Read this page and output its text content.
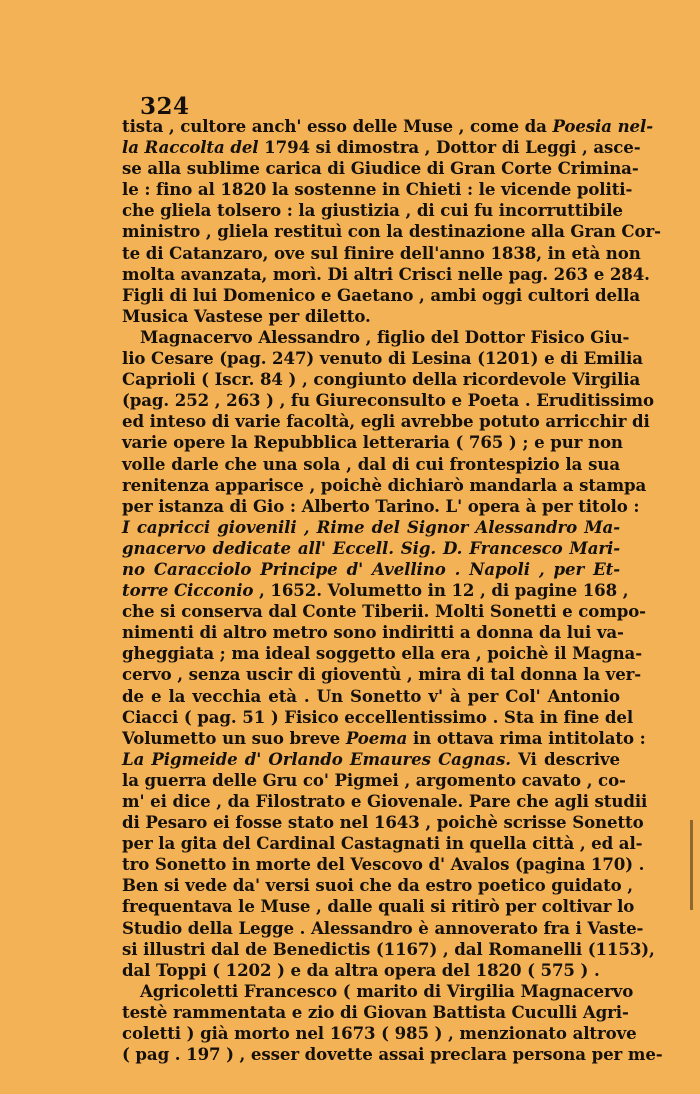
324
tista , cultore anch' esso delle Muse , come da Poesia nel-
la Raccolta del 1794 si dimostra , Dottor di Leggi , asce-
se alla sublime carica di Giudice di Gran Corte Crimina-
le : fino al 1820 la sostenne in Chieti : le vicende politi-
che gliela tolsero : la giustizia , di cui fu incorruttibile
ministro , gliela restituì con la destinazione alla Gran Cor-
te di Catanzaro, ove sul finire dell'anno 1838, in età non
molta avanzata, morì. Di altri Crisci nelle pag. 263 e 284.
Figli di lui Domenico e Gaetano , ambi oggi cultori della
Musica Vastese per diletto.
Magnacervo Alessandro , figlio del Dottor Fisico Giu-
lio Cesare (pag. 247) venuto di Lesina (1201) e di Emilia
Caprioli ( Iscr. 84 ) , congiunto della ricordevole Virgilia
(pag. 252 , 263 ) , fu Giureconsulto e Poeta . Eruditissimo
ed inteso di varie facoltà, egli avrebbe potuto arricchir di
varie opere la Repubblica letteraria ( 765 ) ; e pur non
volle darle che una sola , dal di cui frontespizio la sua
renitenza apparisce , poichè dichiarò mandarla a stampa
per istanza di Gio : Alberto Tarino. L' opera à per titolo :
I capricci giovenili , Rime del Signor Alessandro Ma-
gnacervo dedicate all' Eccell. Sig. D. Francesco Mari-
no Caracciolo Principe d' Avellino . Napoli , per Et-
torre Cicconio , 1652. Volumetto in 12 , di pagine 168 ,
che si conserva dal Conte Tiberii. Molti Sonetti e compo-
nimenti di altro metro sono indiritti a donna da lui va-
gheggiata ; ma ideal soggetto ella era , poichè il Magna-
cervo , senza uscir di gioventù , mira di tal donna la ver-
de e la vecchia età . Un Sonetto v' à per Col' Antonio
Ciacci ( pag. 51 ) Fisico eccellentissimo . Sta in fine del
Volumetto un suo breve Poema in ottava rima intitolato :
La Pigmeide d' Orlando Emaures Cagnas. Vi descrive
la guerra delle Gru co' Pigmei , argomento cavato , co-
m' ei dice , da Filostrato e Giovenale. Pare che agli studii
di Pesaro ei fosse stato nel 1643 , poichè scrisse Sonetto
per la gita del Cardinal Castagnati in quella città , ed al-
tro Sonetto in morte del Vescovo d' Avalos (pagina 170) .
Ben si vede da' versi suoi che da estro poetico guidato ,
frequentava le Muse , dalle quali si ritirò per coltivar lo
Studio della Legge . Alessandro è annoverato fra i Vaste-
si illustri dal de Benedictis (1167) , dal Romanelli (1153),
dal Toppi ( 1202 ) e da altra opera del 1820 ( 575 ) .
Agricoletti Francesco ( marito di Virgilia Magnacervo
testè rammentata e zio di Giovan Battista Cuculli Agri-
coletti ) già morto nel 1673 ( 985 ) , menzionato altrove
( pag . 197 ) , esser dovette assai preclara persona per me-
